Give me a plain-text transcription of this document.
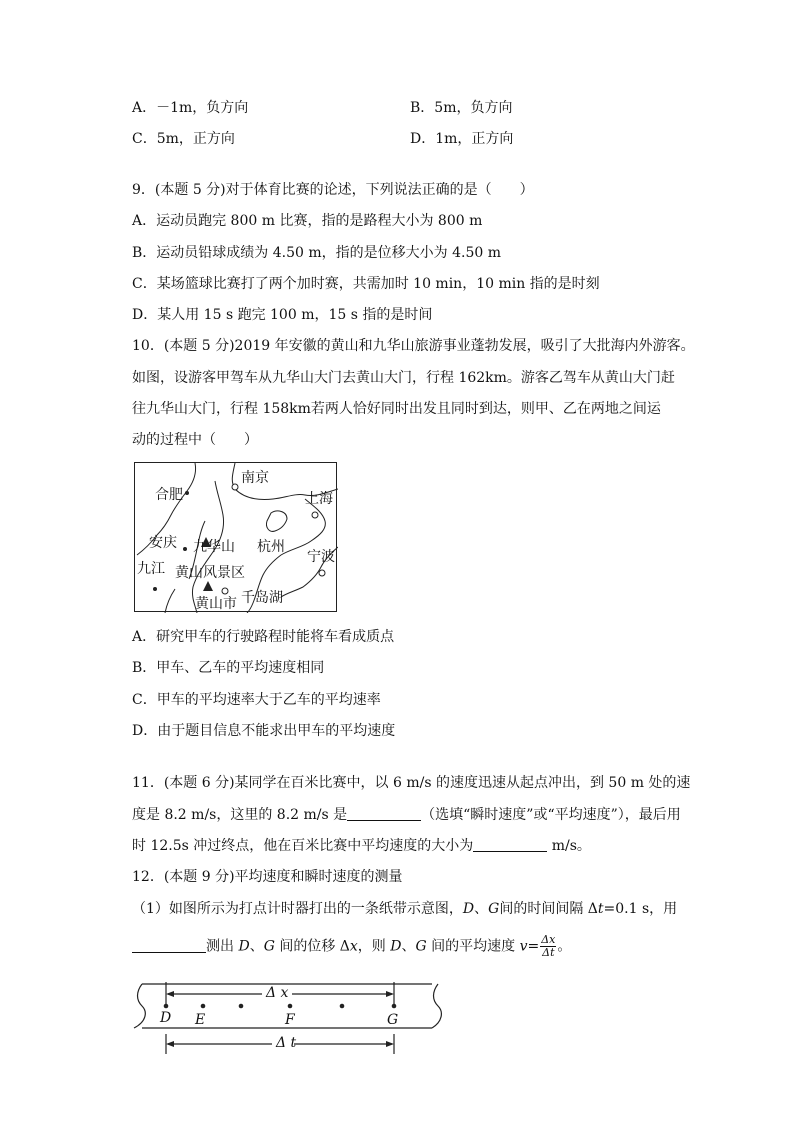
A．－1m，负方向	B．5m，负方向
C．5m，正方向	D．1m，正方向
9．(本题 5 分)对于体育比赛的论述，下列说法正确的是（　　）
A．运动员跑完 800 m 比赛，指的是路程大小为 800 m
B．运动员铅球成绩为 4.50 m，指的是位移大小为 4.50 m
C．某场篮球比赛打了两个加时赛，共需加时 10 min，10 min 指的是时刻
D．某人用 15 s 跑完 100 m，15 s 指的是时间
10．(本题 5 分)2019 年安徽的黄山和九华山旅游事业蓬勃发展，吸引了大批海内外游客。
如图，设游客甲驾车从九华山大门去黄山大门，行程 162km。游客乙驾车从黄山大门赶
往九华山大门，行程 158km若两人恰好同时出发且同时到达，则甲、乙在两地之间运
动的过程中（　　）
南京
合肥	上海
安庆 九华山 杭州
宁波
九江 黄山风景区
黄山市 千岛湖
A．研究甲车的行驶路程时能将车看成质点
B．甲车、乙车的平均速度相同
C．甲车的平均速率大于乙车的平均速率
D．由于题目信息不能求出甲车的平均速度
11．(本题 6 分)某同学在百米比赛中，以 6 m/s 的速度迅速从起点冲出，到 50 m 处的速
度是 8.2 m/s，这里的 8.2 m/s 是	（选填“瞬时速度”或“平均速度”），最后用
时 12.5s 冲过终点，他在百米比赛中平均速度的大小为	m/s。
12．(本题 9 分)平均速度和瞬时速度的测量
（1）如图所示为打点计时器打出的一条纸带示意图，D、G间的时间间隔 Δt=0.1 s，用
测出 D、G 间的位移 Δx，则 D、G 间的平均速度 $v= \frac{\Delta x}{\Delta t}$ 。
Δ x
Δ t
D E	F	G
